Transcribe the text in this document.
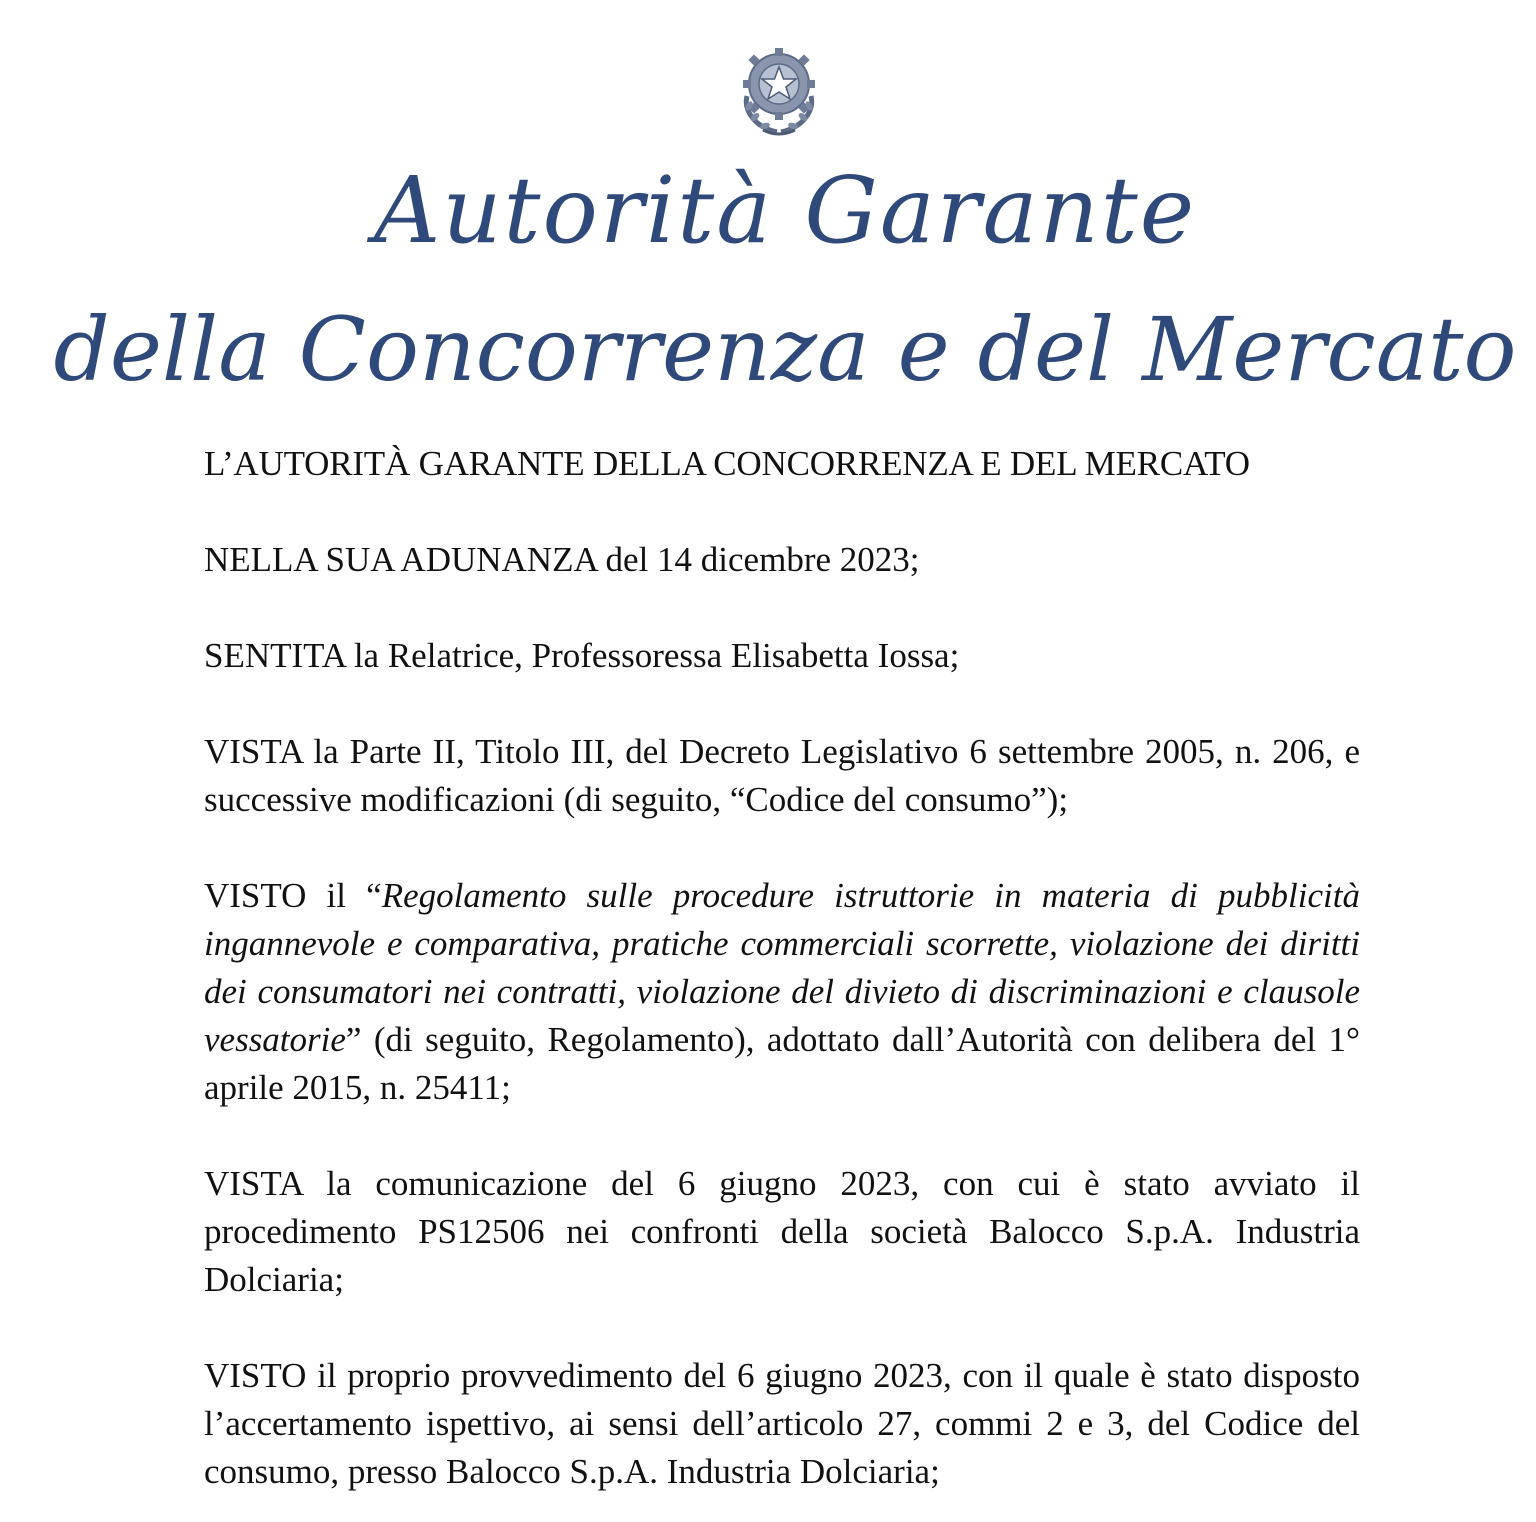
Autorità Garante
della Concorrenza e del Mercato
L’AUTORITÀ GARANTE DELLA CONCORRENZA E DEL MERCATO

NELLA SUA ADUNANZA del 14 dicembre 2023;

SENTITA la Relatrice, Professoressa Elisabetta Iossa;

VISTA la Parte II, Titolo III, del Decreto Legislativo 6 settembre 2005, n. 206, e successive modificazioni (di seguito, “Codice del consumo”);

VISTO il “Regolamento sulle procedure istruttorie in materia di pubblicità ingannevole e comparativa, pratiche commerciali scorrette, violazione dei diritti dei consumatori nei contratti, violazione del divieto di discriminazioni e clausole vessatorie” (di seguito, Regolamento), adottato dall’Autorità con delibera del 1° aprile 2015, n. 25411;

VISTA la comunicazione del 6 giugno 2023, con cui è stato avviato il procedimento PS12506 nei confronti della società Balocco S.p.A. Industria Dolciaria;

VISTO il proprio provvedimento del 6 giugno 2023, con il quale è stato disposto l’accertamento ispettivo, ai sensi dell’articolo 27, commi 2 e 3, del Codice del consumo, presso Balocco S.p.A. Industria Dolciaria;
